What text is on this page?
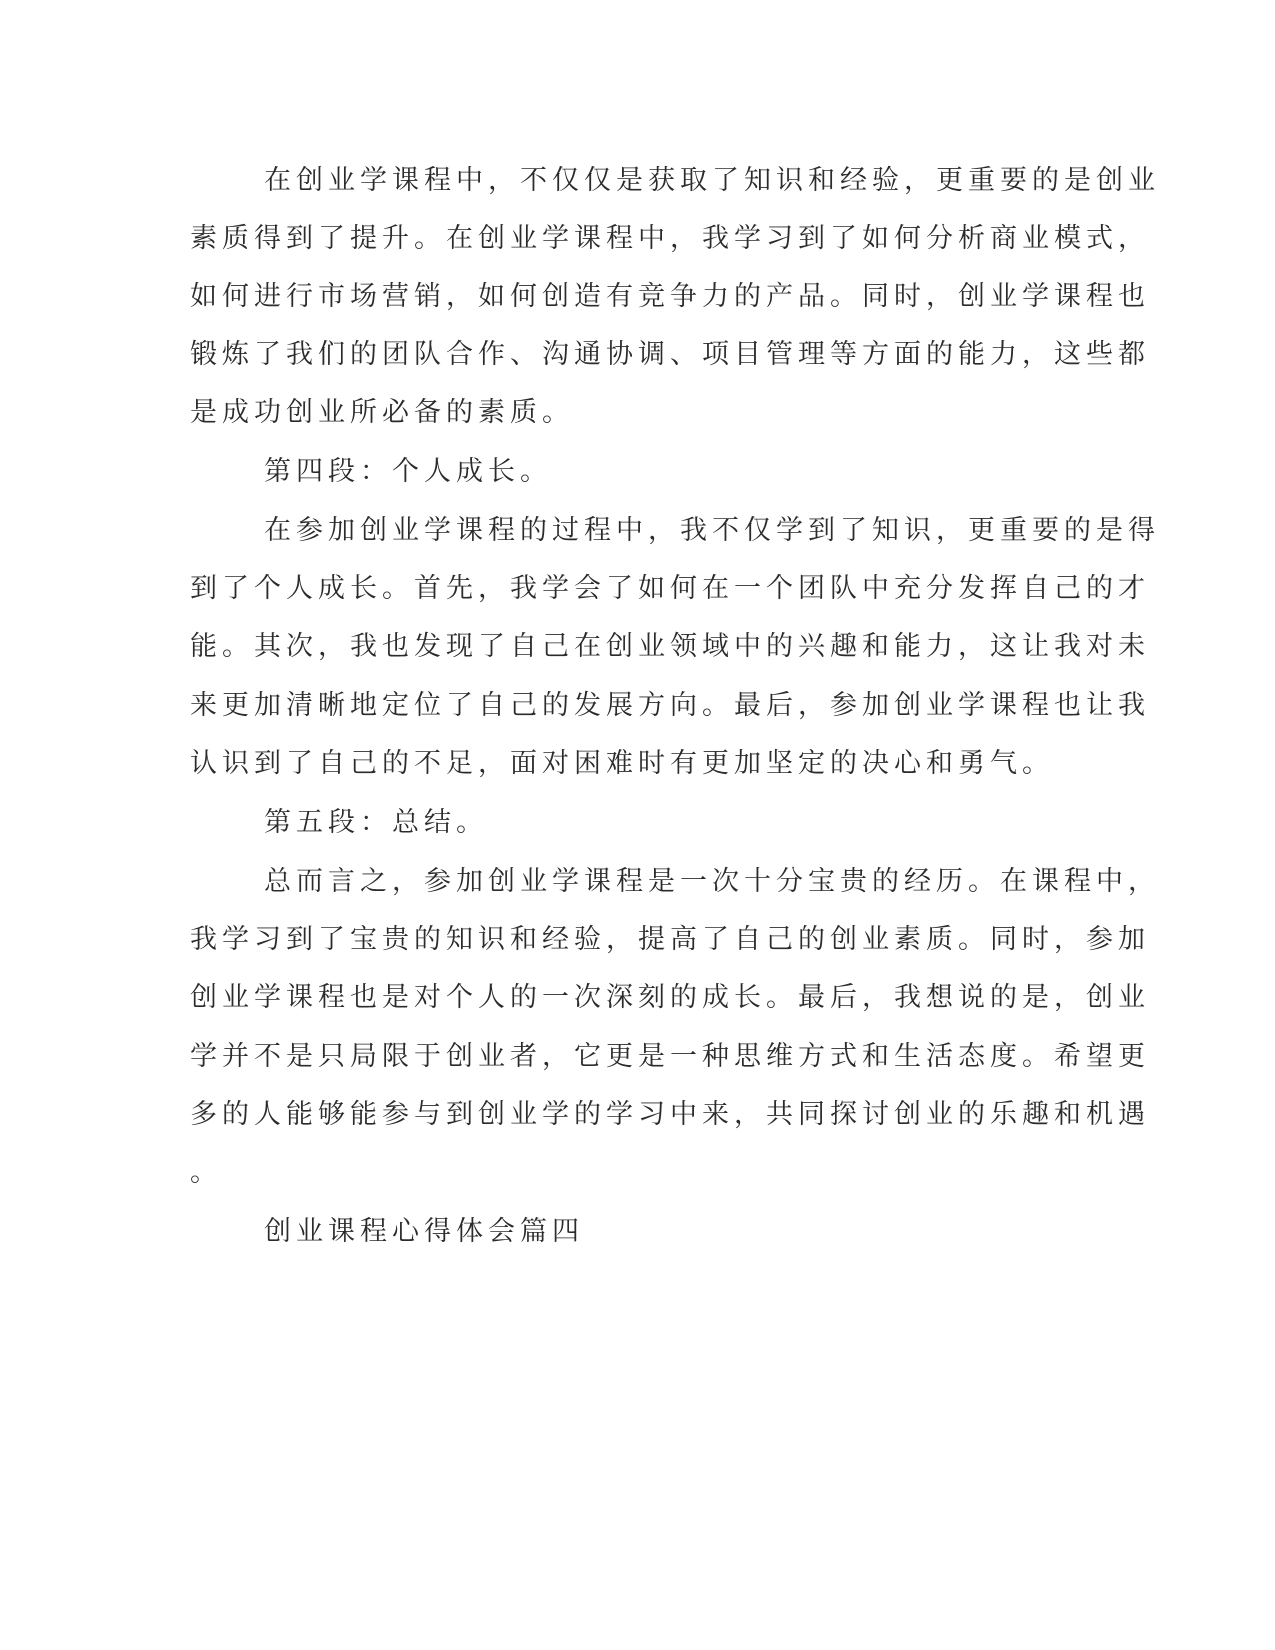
在创业学课程中，不仅仅是获取了知识和经验，更重要的是创业

素质得到了提升。在创业学课程中，我学习到了如何分析商业模式，

如何进行市场营销，如何创造有竞争力的产品。同时，创业学课程也

锻炼了我们的团队合作、沟通协调、项目管理等方面的能力，这些都

是成功创业所必备的素质。

第四段：个人成长。

在参加创业学课程的过程中，我不仅学到了知识，更重要的是得

到了个人成长。首先，我学会了如何在一个团队中充分发挥自己的才

能。其次，我也发现了自己在创业领域中的兴趣和能力，这让我对未

来更加清晰地定位了自己的发展方向。最后，参加创业学课程也让我

认识到了自己的不足，面对困难时有更加坚定的决心和勇气。

第五段：总结。

总而言之，参加创业学课程是一次十分宝贵的经历。在课程中，

我学习到了宝贵的知识和经验，提高了自己的创业素质。同时，参加

创业学课程也是对个人的一次深刻的成长。最后，我想说的是，创业

学并不是只局限于创业者，它更是一种思维方式和生活态度。希望更

多的人能够能参与到创业学的学习中来，共同探讨创业的乐趣和机遇

。

创业课程心得体会篇四
